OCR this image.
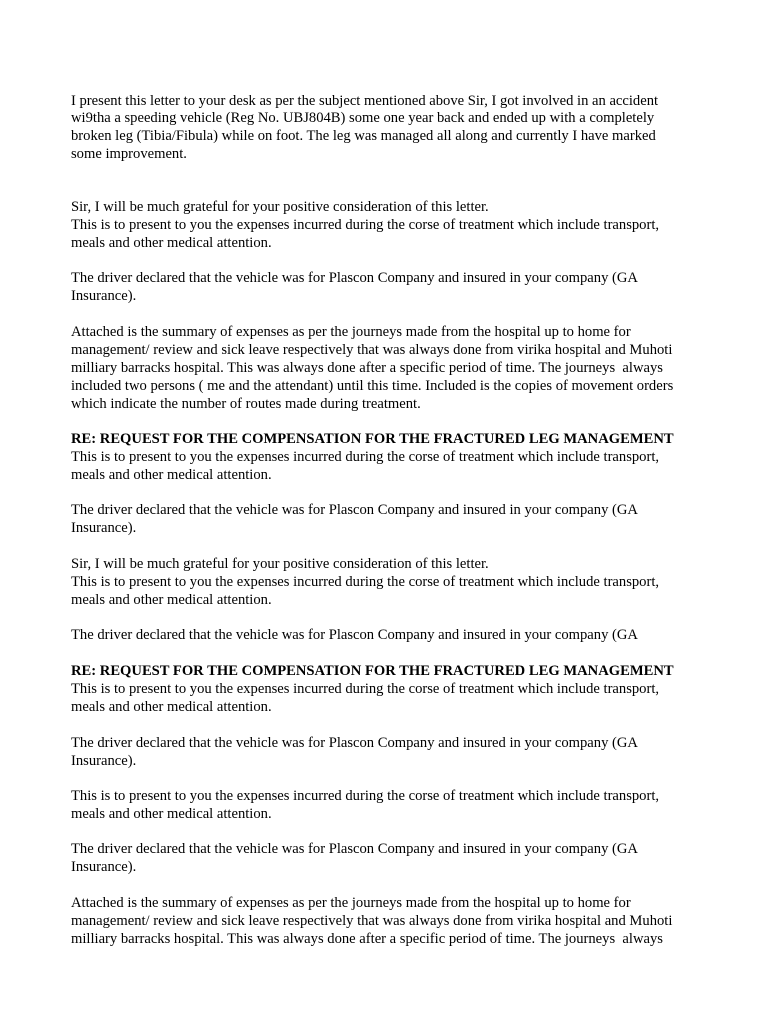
I present this letter to your desk as per the subject mentioned above Sir, I got involved in an accident
wi9tha a speeding vehicle (Reg No. UBJ804B) some one year back and ended up with a completely
broken leg (Tibia/Fibula) while on foot. The leg was managed all along and currently I have marked
some improvement.
Sir, I will be much grateful for your positive consideration of this letter.
This is to present to you the expenses incurred during the corse of treatment which include transport,
meals and other medical attention.
The driver declared that the vehicle was for Plascon Company and insured in your company (GA
Insurance).
Attached is the summary of expenses as per the journeys made from the hospital up to home for
management/ review and sick leave respectively that was always done from virika hospital and Muhoti
milliary barracks hospital. This was always done after a specific period of time. The journeys  always
included two persons ( me and the attendant) until this time. Included is the copies of movement orders
which indicate the number of routes made during treatment.
RE: REQUEST FOR THE COMPENSATION FOR THE FRACTURED LEG MANAGEMENT
This is to present to you the expenses incurred during the corse of treatment which include transport,
meals and other medical attention.
The driver declared that the vehicle was for Plascon Company and insured in your company (GA
Insurance).
Sir, I will be much grateful for your positive consideration of this letter.
This is to present to you the expenses incurred during the corse of treatment which include transport,
meals and other medical attention.
The driver declared that the vehicle was for Plascon Company and insured in your company (GA
RE: REQUEST FOR THE COMPENSATION FOR THE FRACTURED LEG MANAGEMENT
This is to present to you the expenses incurred during the corse of treatment which include transport,
meals and other medical attention.
The driver declared that the vehicle was for Plascon Company and insured in your company (GA
Insurance).
This is to present to you the expenses incurred during the corse of treatment which include transport,
meals and other medical attention.
The driver declared that the vehicle was for Plascon Company and insured in your company (GA
Insurance).
Attached is the summary of expenses as per the journeys made from the hospital up to home for
management/ review and sick leave respectively that was always done from virika hospital and Muhoti
milliary barracks hospital. This was always done after a specific period of time. The journeys  always
